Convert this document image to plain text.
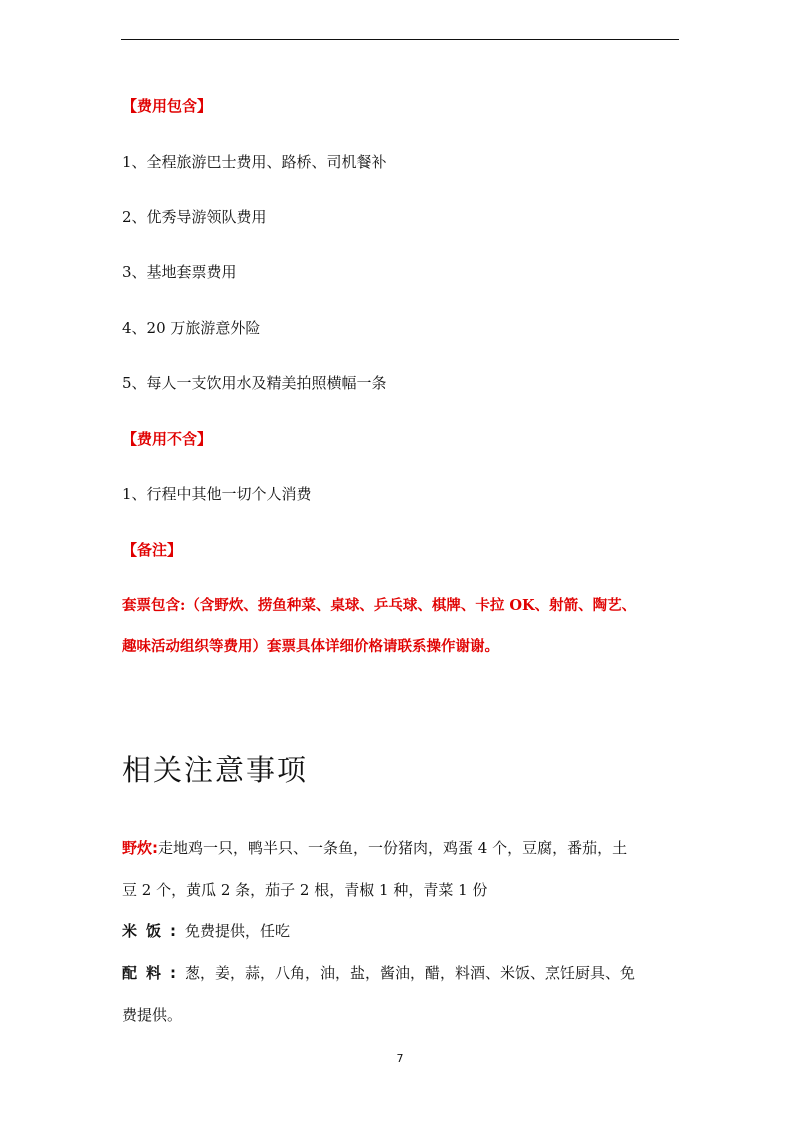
【费用包含】
1、全程旅游巴士费用、路桥、司机餐补
2、优秀导游领队费用
3、基地套票费用
4、20 万旅游意外险
5、每人一支饮用水及精美拍照横幅一条
【费用不含】
1、行程中其他一切个人消费
【备注】
套票包含:（含野炊、捞鱼种菜、桌球、乒乓球、棋牌、卡拉 OK、射箭、陶艺、
趣味活动组织等费用）套票具体详细价格请联系操作谢谢。
相关注意事项
野炊:走地鸡一只，鸭半只、一条鱼，一份猪肉，鸡蛋 4 个，豆腐，番茄，土
豆 2 个，黄瓜 2 条，茄子 2 根，青椒 1 种，青菜 1 份
米饭:免费提供，任吃
配料:葱，姜，蒜，八角，油，盐，酱油，醋，料酒、米饭、烹饪厨具、免
费提供。
7
